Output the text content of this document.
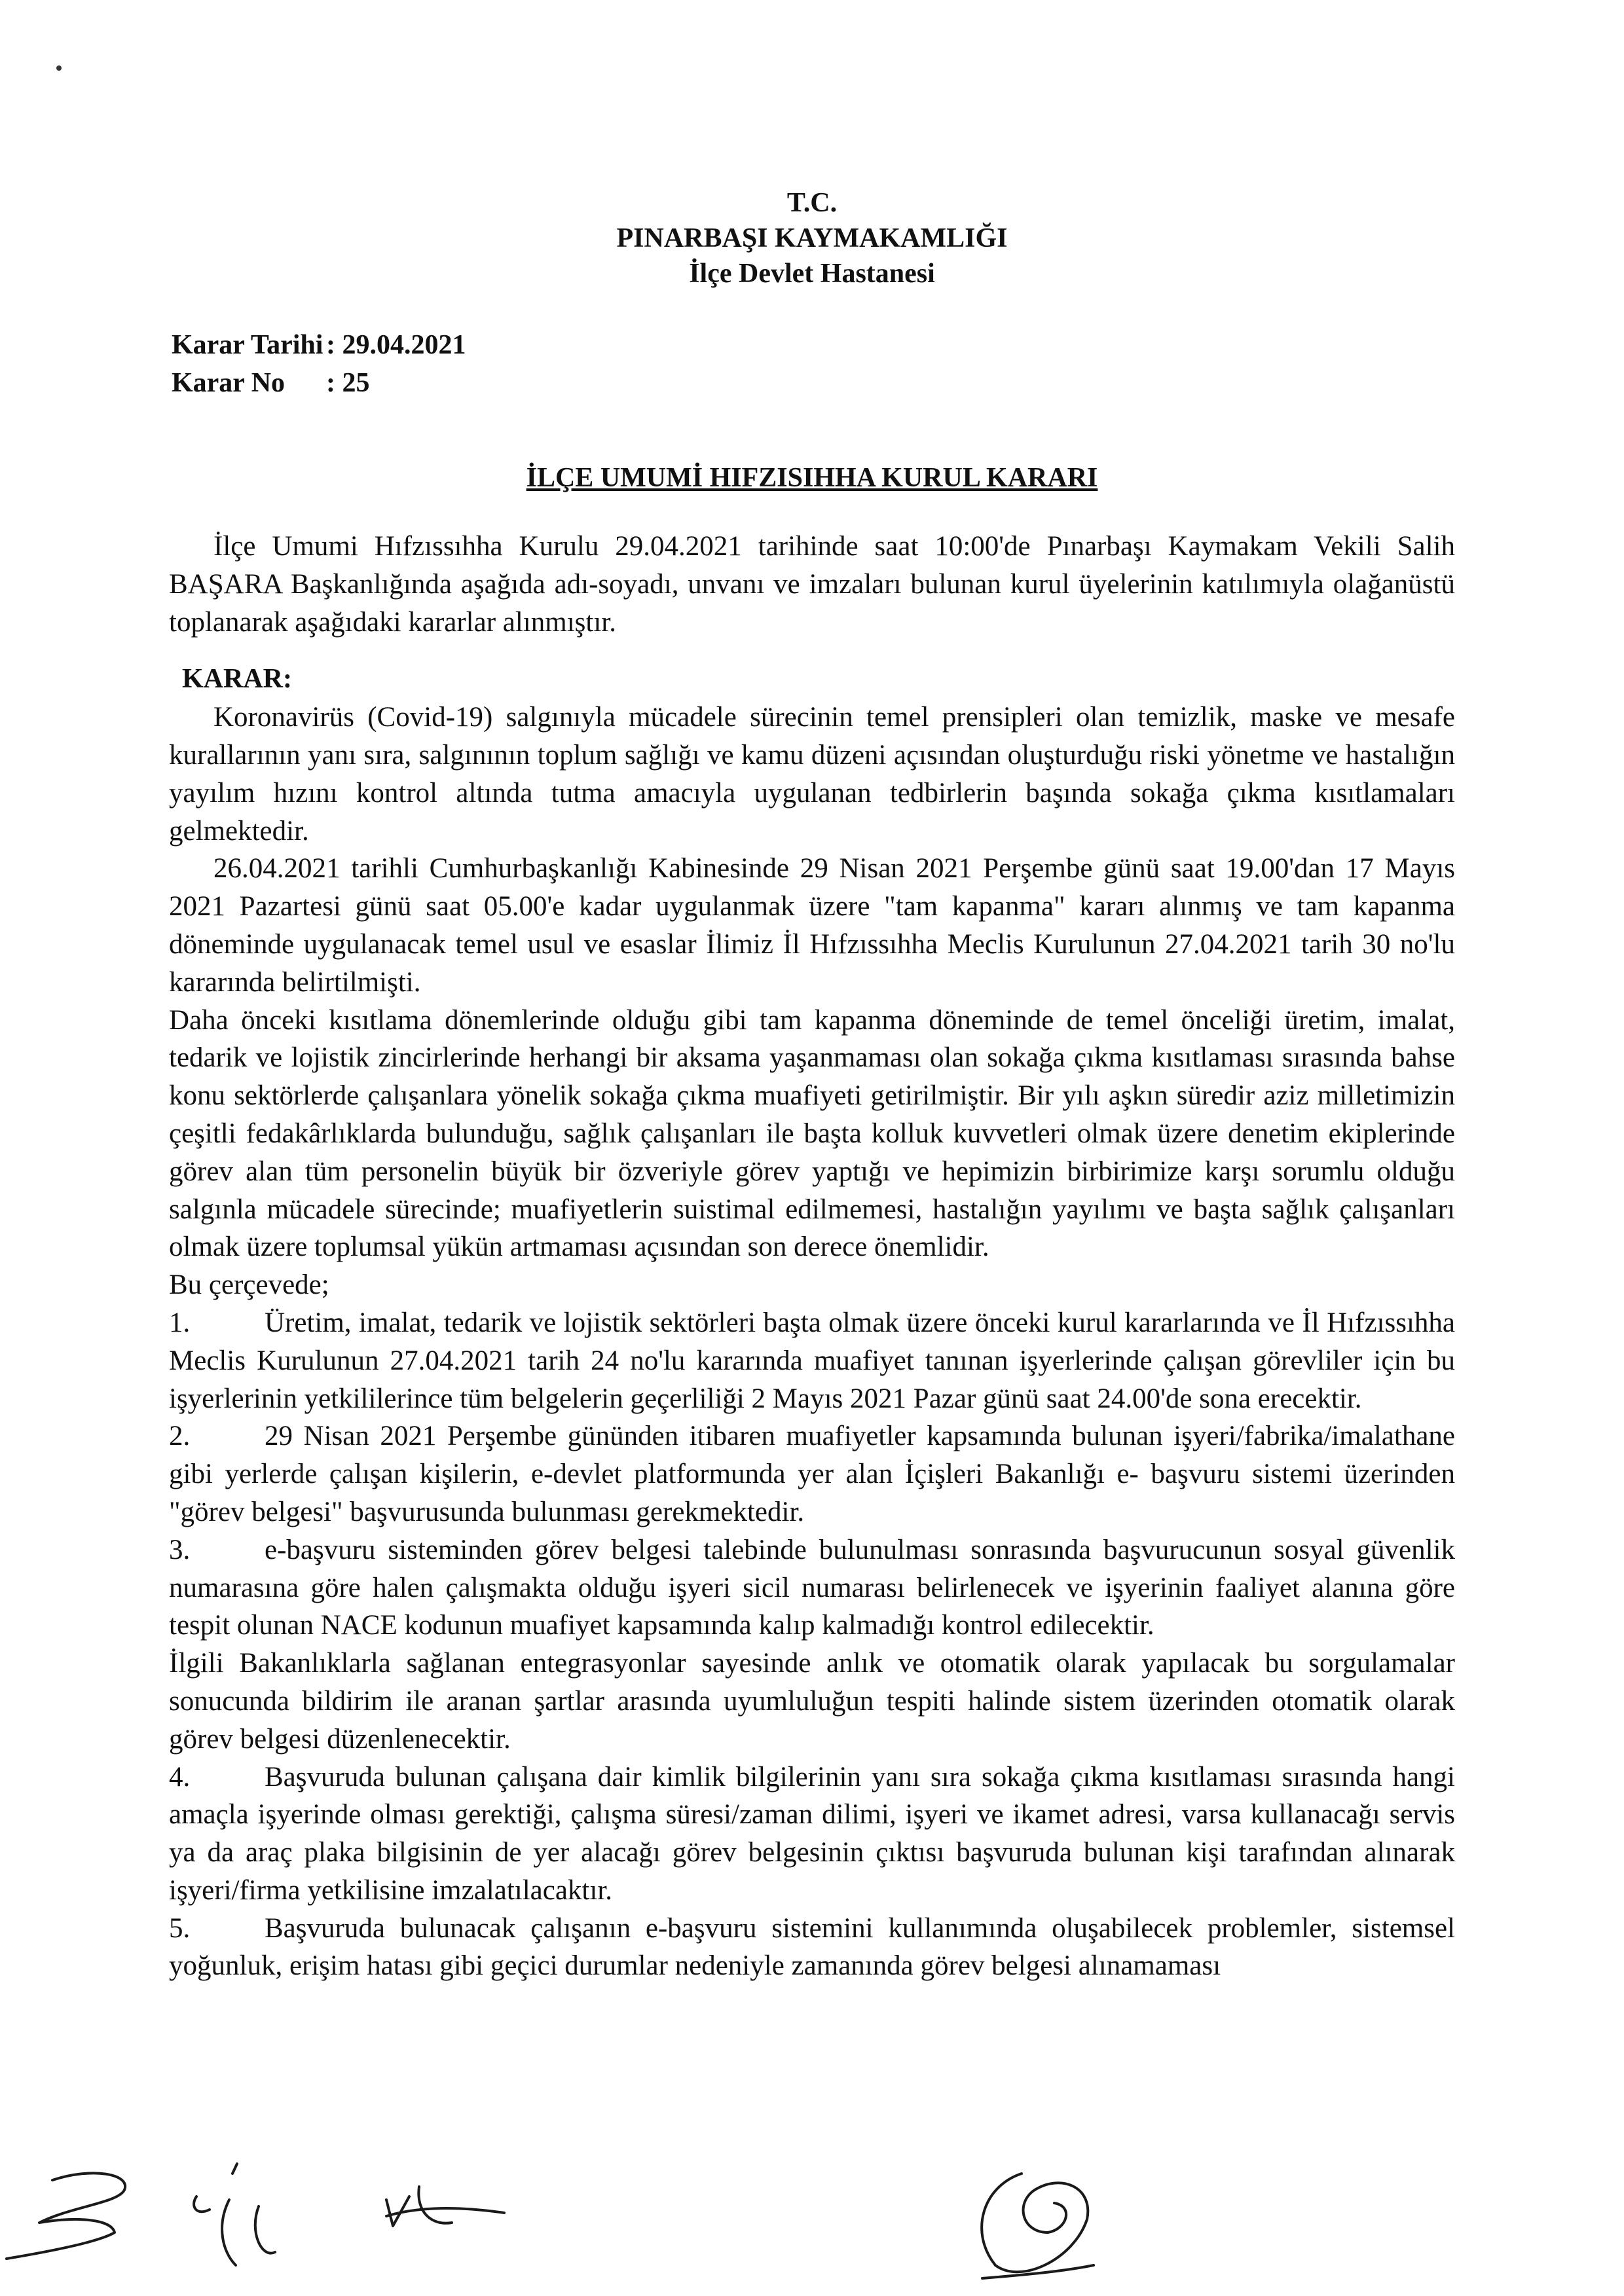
T.C.
PINARBAŞI KAYMAKAMLIĞI
İlçe Devlet Hastanesi
Karar Tarihi : 29.04.2021
Karar No	: 25
İLÇE UMUMİ HIFZISIHHA KURUL KARARI

İlçe Umumi Hıfzıssıhha Kurulu 29.04.2021 tarihinde saat 10:00'de Pınarbaşı Kaymakam Vekili Salih BAŞARA Başkanlığında aşağıda adı-soyadı, unvanı ve imzaları bulunan kurul üyelerinin katılımıyla olağanüstü toplanarak aşağıdaki kararlar alınmıştır.

KARAR:

Koronavirüs (Covid-19) salgınıyla mücadele sürecinin temel prensipleri olan temizlik, maske ve mesafe kurallarının yanı sıra, salgınının toplum sağlığı ve kamu düzeni açısından oluşturduğu riski yönetme ve hastalığın yayılım hızını kontrol altında tutma amacıyla uygulanan tedbirlerin başında sokağa çıkma kısıtlamaları gelmektedir.

26.04.2021 tarihli Cumhurbaşkanlığı Kabinesinde 29 Nisan 2021 Perşembe günü saat 19.00'dan 17 Mayıs 2021 Pazartesi günü saat 05.00'e kadar uygulanmak üzere "tam kapanma" kararı alınmış ve tam kapanma döneminde uygulanacak temel usul ve esaslar İlimiz İl Hıfzıssıhha Meclis Kurulunun 27.04.2021 tarih 30 no'lu kararında belirtilmişti.

Daha önceki kısıtlama dönemlerinde olduğu gibi tam kapanma döneminde de temel önceliği üretim, imalat, tedarik ve lojistik zincirlerinde herhangi bir aksama yaşanmaması olan sokağa çıkma kısıtlaması sırasında bahse konu sektörlerde çalışanlara yönelik sokağa çıkma muafiyeti getirilmiştir. Bir yılı aşkın süredir aziz milletimizin çeşitli fedakârlıklarda bulunduğu, sağlık çalışanları ile başta kolluk kuvvetleri olmak üzere denetim ekiplerinde görev alan tüm personelin büyük bir özveriyle görev yaptığı ve hepimizin birbirimize karşı sorumlu olduğu salgınla mücadele sürecinde; muafiyetlerin suistimal edilmemesi, hastalığın yayılımı ve başta sağlık çalışanları olmak üzere toplumsal yükün artmaması açısından son derece önemlidir.

Bu çerçevede;

1.	Üretim, imalat, tedarik ve lojistik sektörleri başta olmak üzere önceki kurul kararlarında ve İl Hıfzıssıhha Meclis Kurulunun 27.04.2021 tarih 24 no'lu kararında muafiyet tanınan işyerlerinde çalışan görevliler için bu işyerlerinin yetkililerince tüm belgelerin geçerliliği 2 Mayıs 2021 Pazar günü saat 24.00'de sona erecektir.

2.	29 Nisan 2021 Perşembe gününden itibaren muafiyetler kapsamında bulunan işyeri/fabrika/imalathane gibi yerlerde çalışan kişilerin, e-devlet platformunda yer alan İçişleri Bakanlığı e- başvuru sistemi üzerinden "görev belgesi" başvurusunda bulunması gerekmektedir.

3.	e-başvuru sisteminden görev belgesi talebinde bulunulması sonrasında başvurucunun sosyal güvenlik numarasına göre halen çalışmakta olduğu işyeri sicil numarası belirlenecek ve işyerinin faaliyet alanına göre tespit olunan NACE kodunun muafiyet kapsamında kalıp kalmadığı kontrol edilecektir.

İlgili Bakanlıklarla sağlanan entegrasyonlar sayesinde anlık ve otomatik olarak yapılacak bu sorgulamalar sonucunda bildirim ile aranan şartlar arasında uyumluluğun tespiti halinde sistem üzerinden otomatik olarak görev belgesi düzenlenecektir.

4.	Başvuruda bulunan çalışana dair kimlik bilgilerinin yanı sıra sokağa çıkma kısıtlaması sırasında hangi amaçla işyerinde olması gerektiği, çalışma süresi/zaman dilimi, işyeri ve ikamet adresi, varsa kullanacağı servis ya da araç plaka bilgisinin de yer alacağı görev belgesinin çıktısı başvuruda bulunan kişi tarafından alınarak işyeri/firma yetkilisine imzalatılacaktır.

5.	Başvuruda bulunacak çalışanın e-başvuru sistemini kullanımında oluşabilecek problemler, sistemsel yoğunluk, erişim hatası gibi geçici durumlar nedeniyle zamanında görev belgesi alınamaması
